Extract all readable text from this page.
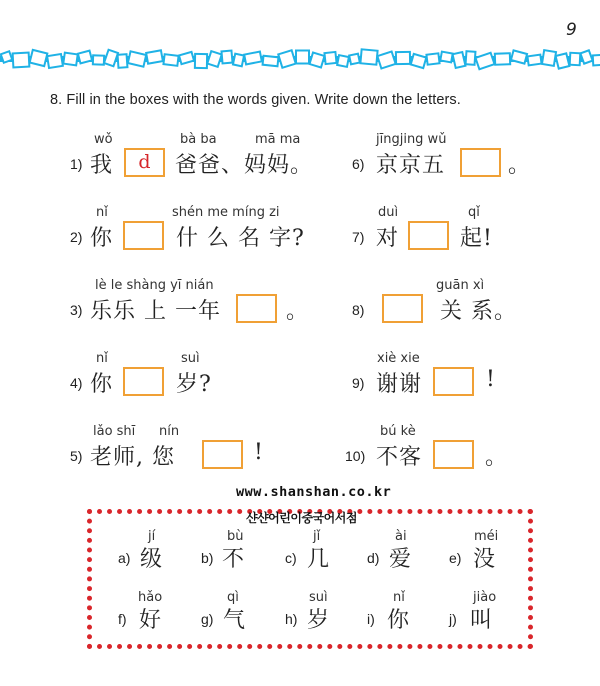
9
8. Fill in the boxes with the words given. Write down the letters.
wǒ	bà ba	mā ma
1) 我	d	爸爸、妈妈。
jīngjing wǔ
6) 京京五	。
nǐ	shén me míng zi
2) 你	什 么 名 字?
duì	qǐ
7) 对	起!
lè le shàng yī nián
3) 乐乐 上 一年	。
guān xì
8)	关 系。
nǐ	suì
4) 你	岁?
xiè xie
9) 谢谢	!
lǎo shī nín
5) 老师, 您	!
bú kè
10) 不客	。
www.shanshan.co.kr
jí
a) 级
bù
b) 不
jǐ
c) 几
ài
d) 爱
méi
e) 没
hǎo
f) 好
qì
g) 气
suì
h) 岁
nǐ
i) 你
jiào
j) 叫
샨샨어린이중국어서점
